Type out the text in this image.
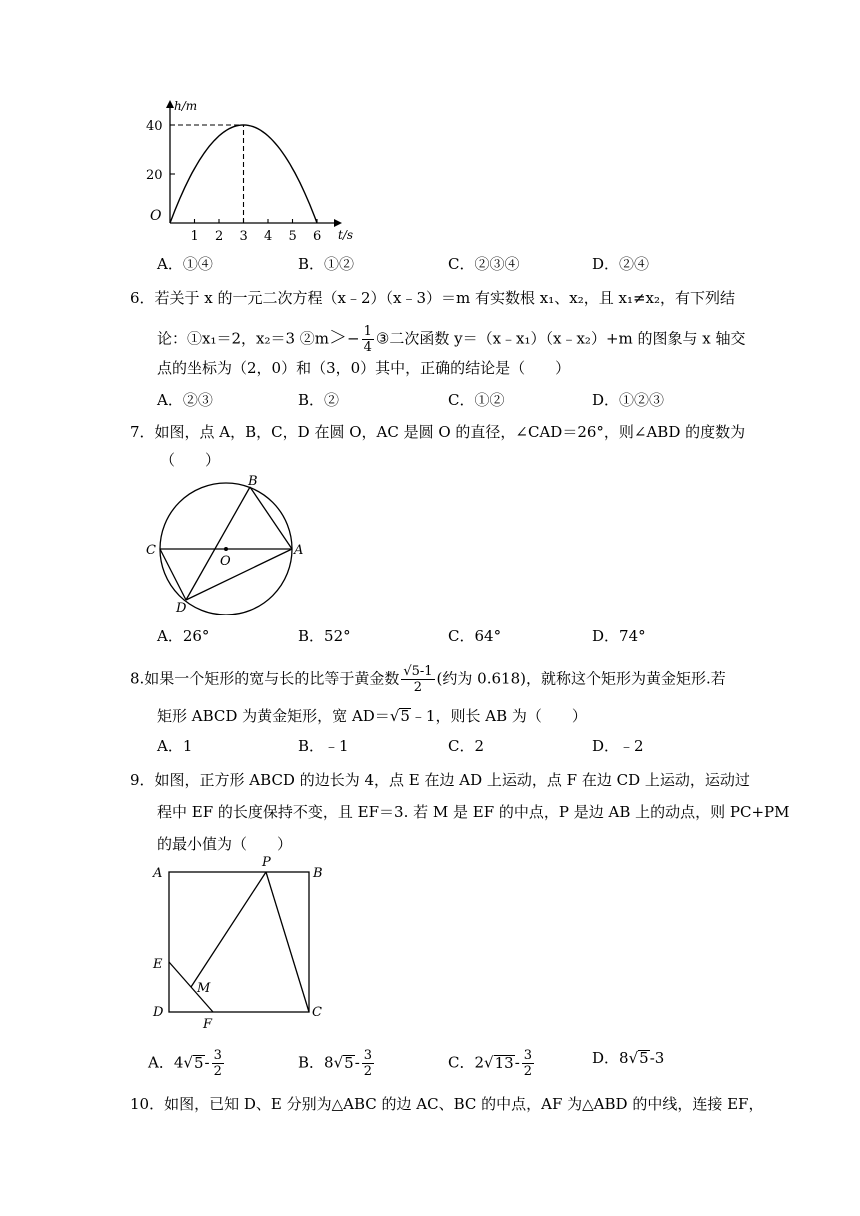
h/m
t/s
O
40
20
1 2 3 4 5 6
A．①④	B．①②	C．②③④	D．②④
6．若关于 x 的一元二次方程（x﹣2）（x﹣3）＝m 有实数根 x₁、x₂，且 x₁≠x₂，有下列结
论：①x₁＝2，x₂＝3 ②m＞− $\frac{1}{4}$ ③二次函数 y＝（x﹣x₁）（x﹣x₂）+m 的图象与 x 轴交
点的坐标为（2，0）和（3，0）其中，正确的结论是（　　）
A．②③	B．②	C．①②	D．①②③
7．如图，点 A，B，C，D 在圆 O，AC 是圆 O 的直径，∠CAD＝26°，则∠ABD 的度数为
（　　）
B
C	A
O
D
A．26°	B．52°	C．64°	D．74°
8.如果一个矩形的宽与长的比等于黄金数 $\frac{√5-1}{2}$ (约为 0.618)，就称这个矩形为黄金矩形.若
矩形 ABCD 为黄金矩形，宽 AD＝√5﹣1，则长 AB 为（　　）
A．1	B．﹣1	C．2	D．﹣2
9．如图，正方形 ABCD 的边长为 4，点 E 在边 AD 上运动，点 F 在边 CD 上运动，运动过
程中 EF 的长度保持不变，且 EF＝3. 若 M 是 EF 的中点，P 是边 AB 上的动点，则 PC+PM
的最小值为（　　）
A
P
B
E
M
D
F
C
A．$4√5- \frac{3}{2}$	B．$8√5- \frac{3}{2}$	C．$2√13- \frac{3}{2}$	D．8√5-3
10．如图，已知 D、E 分别为△ABC 的边 AC、BC 的中点，AF 为△ABD 的中线，连接 EF，
